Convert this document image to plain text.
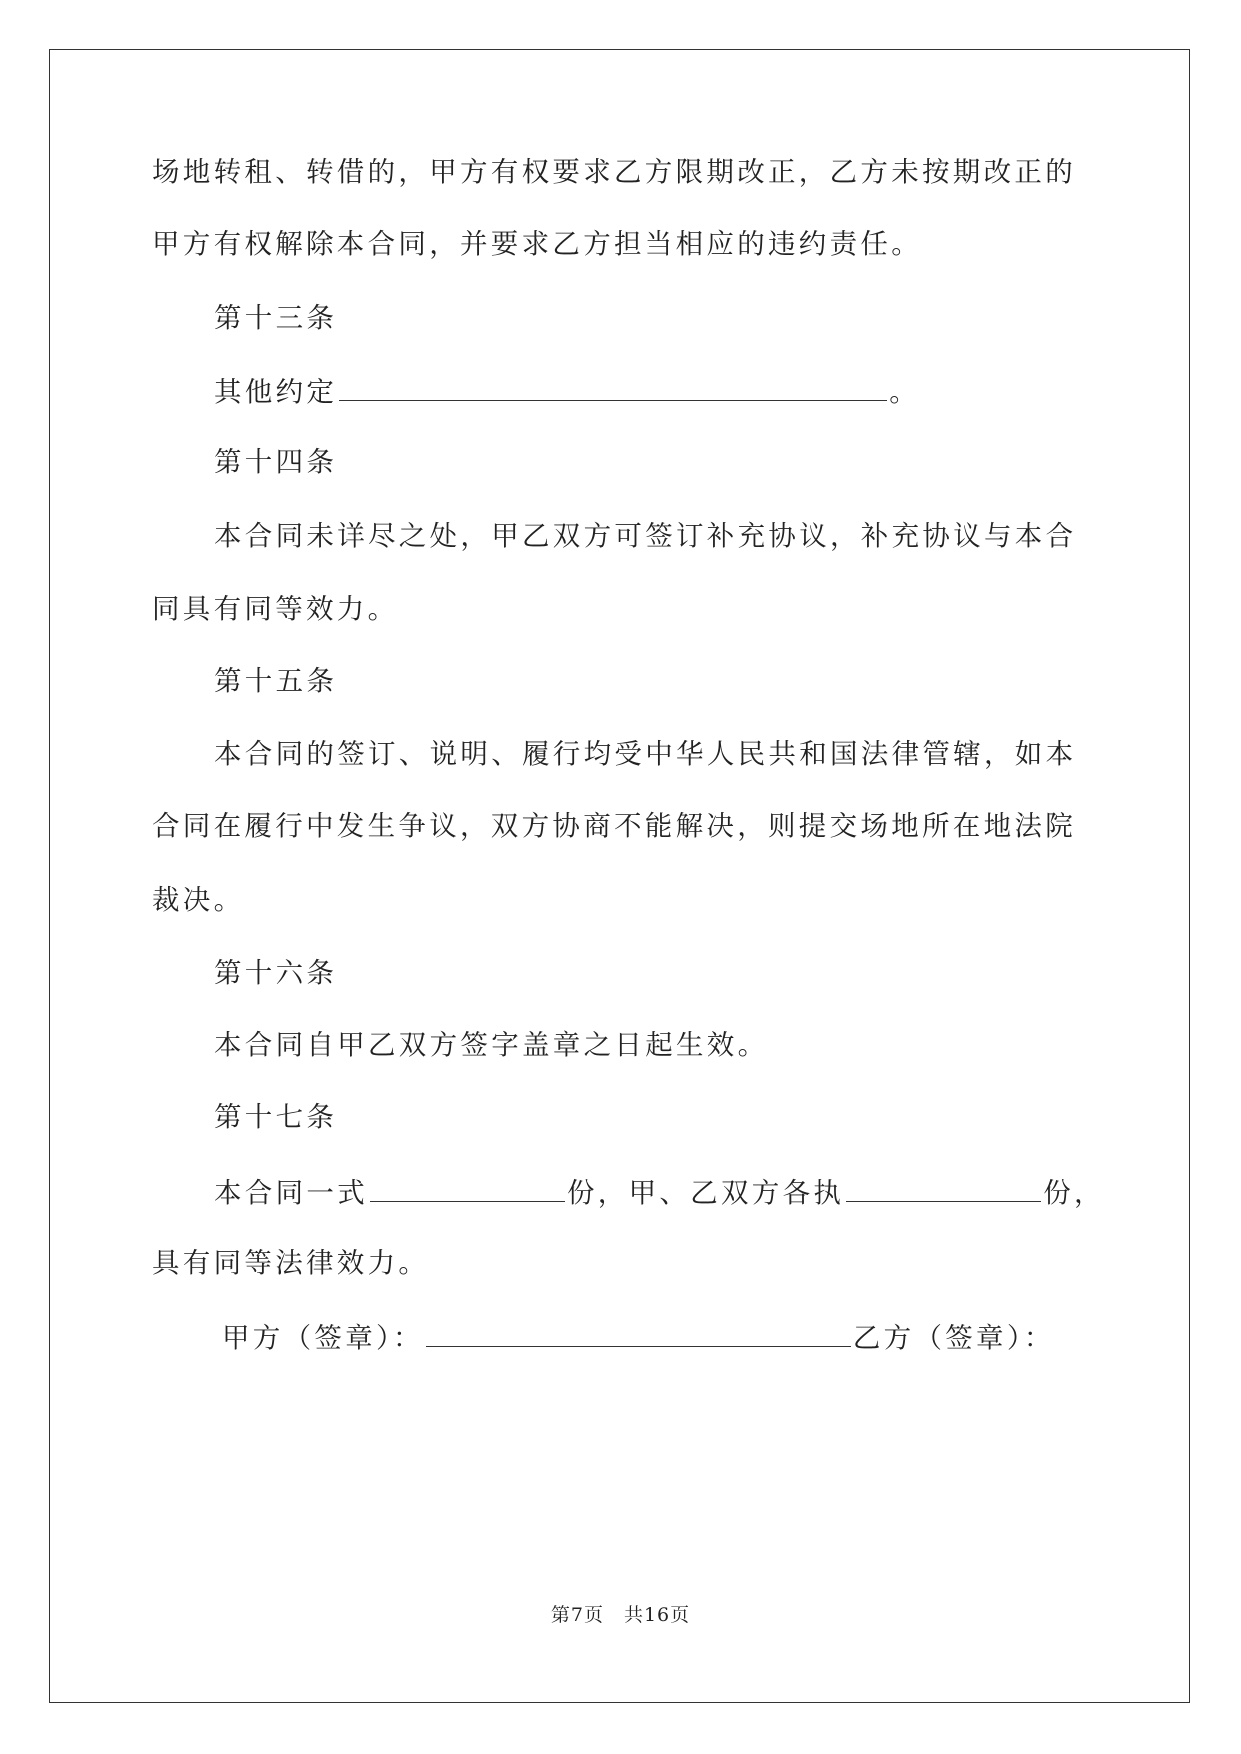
场地转租、转借的，甲方有权要求乙方限期改正，乙方未按期改正的
甲方有权解除本合同，并要求乙方担当相应的违约责任。
第十三条
其他约定	。
第十四条
本合同未详尽之处，甲乙双方可签订补充协议，补充协议与本合
同具有同等效力。
第十五条
本合同的签订、说明、履行均受中华人民共和国法律管辖，如本
合同在履行中发生争议，双方协商不能解决，则提交场地所在地法院
裁决。
第十六条
本合同自甲乙双方签字盖章之日起生效。
第十七条
本合同一式	份，甲、乙双方各执	份，
具有同等法律效力。
甲方（签章）：	乙方（签章）：
第7页　共16页
